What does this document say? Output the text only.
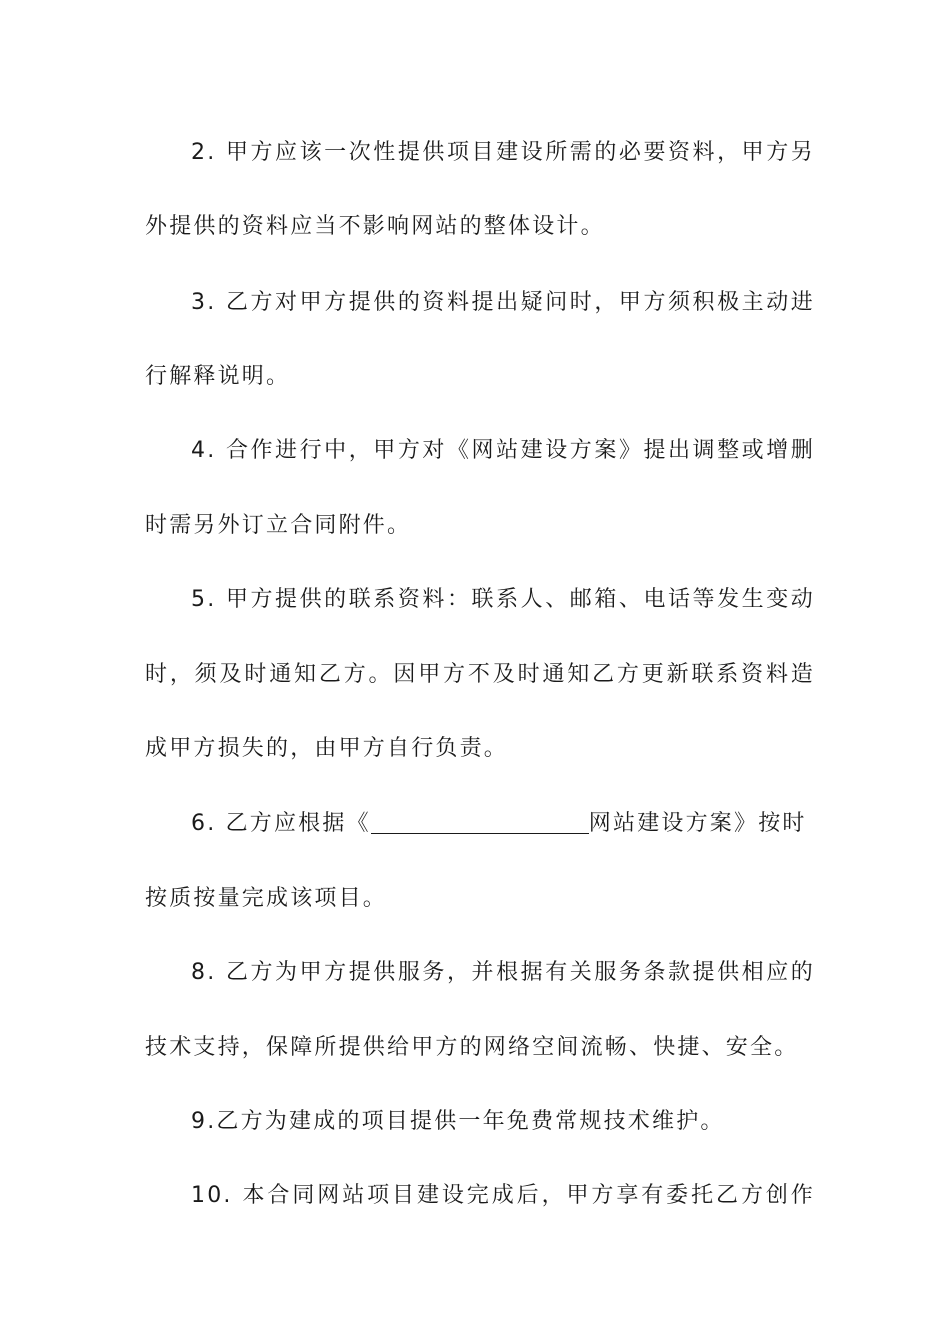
2. 甲方应该一次性提供项目建设所需的必要资料，甲方另
外提供的资料应当不影响网站的整体设计。
3. 乙方对甲方提供的资料提出疑问时，甲方须积极主动进
行解释说明。
4. 合作进行中，甲方对《网站建设方案》提出调整或增删
时需另外订立合同附件。
5. 甲方提供的联系资料：联系人、邮箱、电话等发生变动
时，须及时通知乙方。因甲方不及时通知乙方更新联系资料造
成甲方损失的，由甲方自行负责。
6. 乙方应根据《	网站建设方案》按时
按质按量完成该项目。
8. 乙方为甲方提供服务，并根据有关服务条款提供相应的
技术支持，保障所提供给甲方的网络空间流畅、快捷、安全。
9.乙方为建成的项目提供一年免费常规技术维护。
10. 本合同网站项目建设完成后，甲方享有委托乙方创作
